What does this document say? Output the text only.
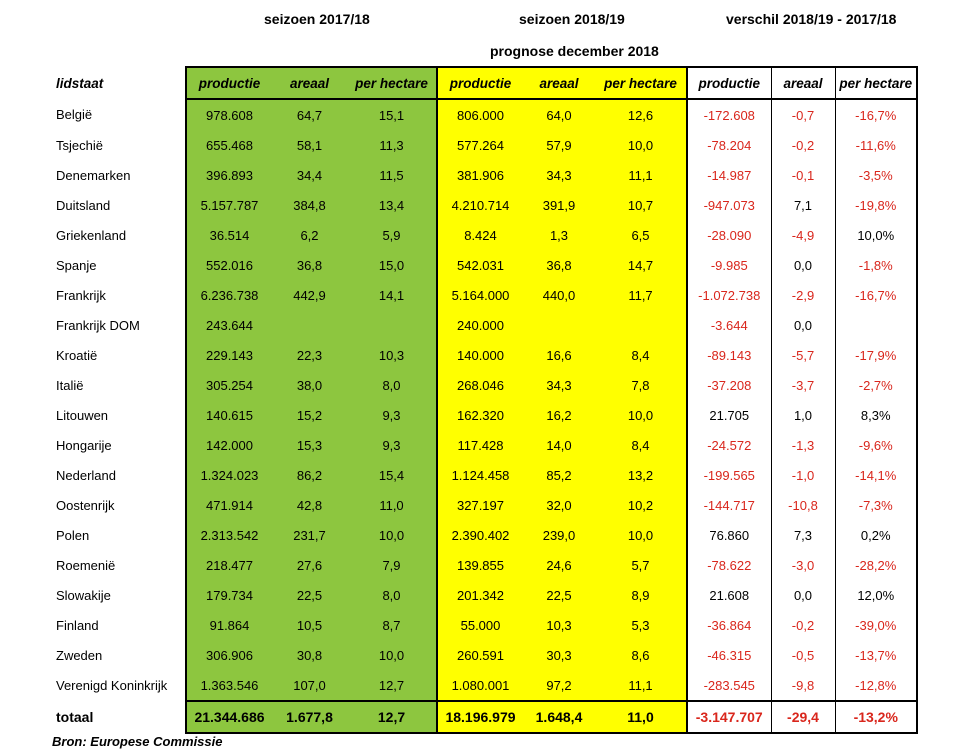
seizoen 2017/18	seizoen 2018/19	verschil 2018/19 - 2017/18
prognose december 2018
lidstaat	productie	areaal	per hectare	productie	areaal	per hectare	productie	areaal	per hectare
België	978.608	64,7	15,1	806.000	64,0	12,6	-172.608	-0,7	-16,7%
Tsjechië	655.468	58,1	11,3	577.264	57,9	10,0	-78.204	-0,2	-11,6%
Denemarken	396.893	34,4	11,5	381.906	34,3	11,1	-14.987	-0,1	-3,5%
Duitsland	5.157.787	384,8	13,4	4.210.714	391,9	10,7	-947.073	7,1	-19,8%
Griekenland	36.514	6,2	5,9	8.424	1,3	6,5	-28.090	-4,9	10,0%
Spanje	552.016	36,8	15,0	542.031	36,8	14,7	-9.985	0,0	-1,8%
Frankrijk	6.236.738	442,9	14,1	5.164.000	440,0	11,7	-1.072.738	-2,9	-16,7%
Frankrijk DOM	243.644			240.000			-3.644	0,0	
Kroatië	229.143	22,3	10,3	140.000	16,6	8,4	-89.143	-5,7	-17,9%
Italië	305.254	38,0	8,0	268.046	34,3	7,8	-37.208	-3,7	-2,7%
Litouwen	140.615	15,2	9,3	162.320	16,2	10,0	21.705	1,0	8,3%
Hongarije	142.000	15,3	9,3	117.428	14,0	8,4	-24.572	-1,3	-9,6%
Nederland	1.324.023	86,2	15,4	1.124.458	85,2	13,2	-199.565	-1,0	-14,1%
Oostenrijk	471.914	42,8	11,0	327.197	32,0	10,2	-144.717	-10,8	-7,3%
Polen	2.313.542	231,7	10,0	2.390.402	239,0	10,0	76.860	7,3	0,2%
Roemenië	218.477	27,6	7,9	139.855	24,6	5,7	-78.622	-3,0	-28,2%
Slowakije	179.734	22,5	8,0	201.342	22,5	8,9	21.608	0,0	12,0%
Finland	91.864	10,5	8,7	55.000	10,3	5,3	-36.864	-0,2	-39,0%
Zweden	306.906	30,8	10,0	260.591	30,3	8,6	-46.315	-0,5	-13,7%
Verenigd Koninkrijk	1.363.546	107,0	12,7	1.080.001	97,2	11,1	-283.545	-9,8	-12,8%
totaal	21.344.686	1.677,8	12,7	18.196.979	1.648,4	11,0	-3.147.707	-29,4	-13,2%
Bron: Europese Commissie
